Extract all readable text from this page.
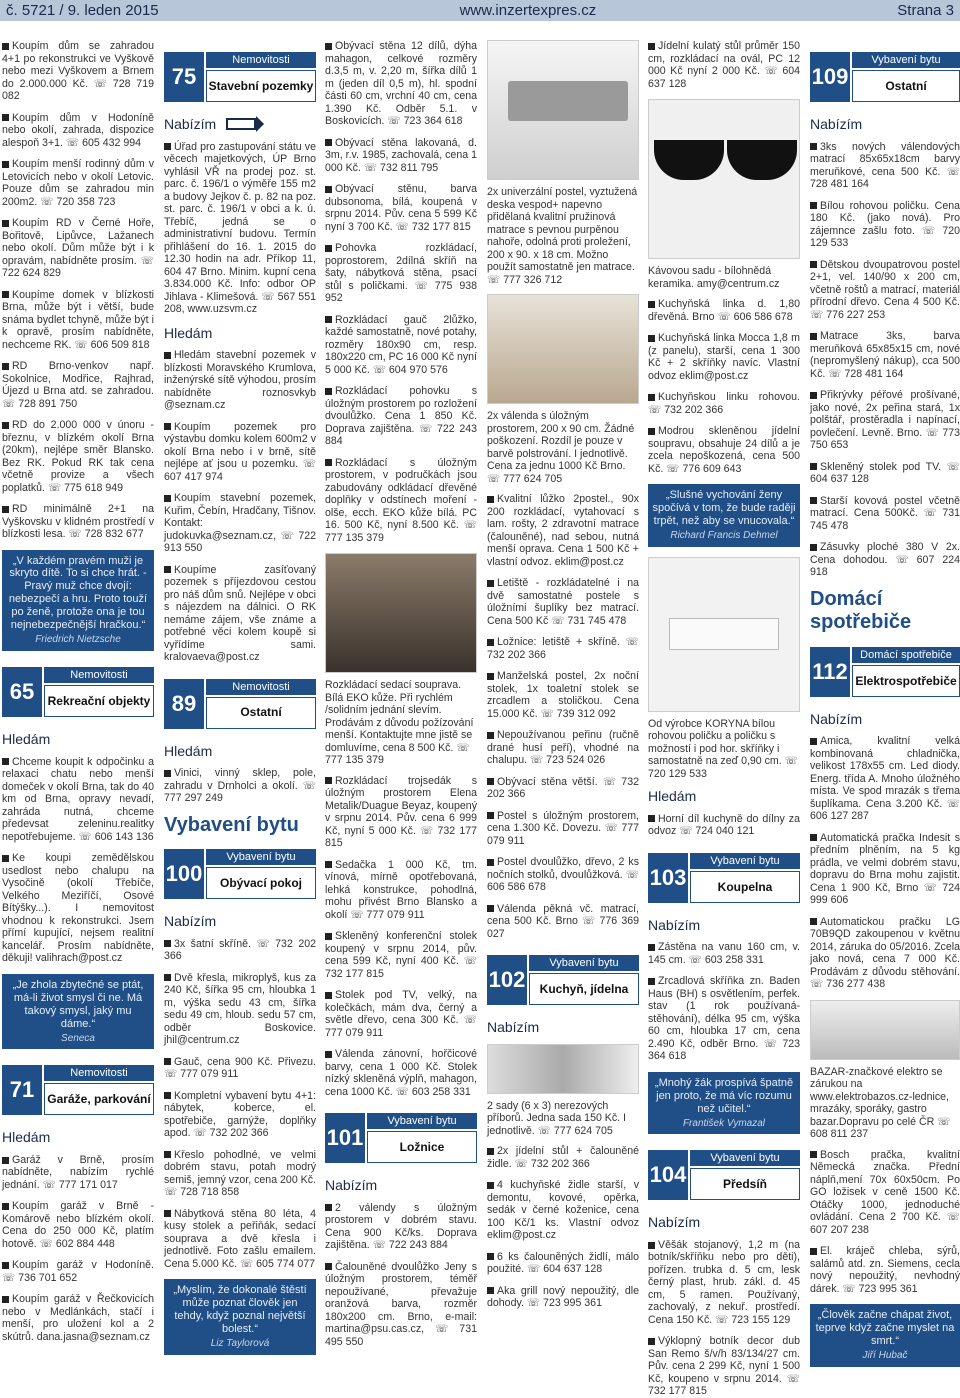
č. 5721 / 9. leden 2015	www.inzertexpres.cz	Strana 3
Koupím dům se zahradou 4+1 po rekonstrukci ve Vyškově nebo mezi Vyškovem a Brnem do 2.000.000 Kč. ☏ 728 719 082
Koupím dům v Hodoníně nebo okolí, zahrada, dispozice alespoň 3+1. ☏ 605 432 994
Koupím menší rodinný dům v Letovicích nebo v okolí Letovic. Pouze dům se zahradou min 200m2. ☏ 720 358 723
Koupím RD v Černé Hoře, Bořitově, Lipůvce, Lažanech nebo okolí. Dům může být i k opravám, nabídněte prosím. ☏ 722 624 829
Koupíme domek v blízkosti Brna, může být i větší, bude snáma bydlet tchyně, může být i k opravě, prosím nabídněte, nechceme RK. ☏ 606 509 818
RD Brno-venkov např. Sokolnice, Modřice, Rajhrad, Újezd u Brna atd. se zahradou. ☏ 728 891 750
RD do 2.000 000 v únoru - březnu, v blízkém okolí Brna (20km), nejlépe směr Blansko. Bez RK. Pokud RK tak cena včetně provize a všech poplatků. ☏ 775 618 949
RD minimálně 2+1 na Vyškovsku v klidném prostředí v blízkosti lesa. ☏ 728 832 677
„V každém pravém muži je skryto dítě. To si chce hrát. - Pravý muž chce dvojí: nebezpečí a hru. Proto touží po ženě, protože ona je tou nejnebezpečnější hračkou.“
Friedrich Nietzsche
65
Nemovitosti
Rekreační objekty
Hledám
Chceme koupit k odpočinku a relaxaci chatu nebo menší domeček v okolí Brna, tak do 40 km od Brna, opravy nevadí, zahráda nutná, chceme předevsat zeleninu.realitky nepotřebujeme. ☏ 606 143 136
Ke koupi zemědělskou usedlost nebo chalupu na Vysočině (okolí Třebíče, Velkého Meziříčí, Osové Bítýšky...). I nemovitost vhodnou k rekonstrukci. Jsem přímí kupující, nejsem realitní kancelář. Prosím nabídněte, děkuji! valihrach@post.cz
„Je zhola zbytečné se ptát, má-li život smysl či ne. Má takový smysl, jaký mu dáme.“
Seneca
71
Nemovitosti
Garáže, parkování
Hledám
Garáž v Brně, prosím nabídněte, nabízím rychlé jednání. ☏ 777 171 017
Koupím garáž v Brně - Komárově nebo blízkém okolí. Cena do 250 000 Kč, platím hotově. ☏ 602 884 448
Koupím garáž v Hodoníně. ☏ 736 701 652
Koupím garáž v Řečkovicích nebo v Medlánkách, stačí i menší, pro uložení kol a 2 skútrů. dana.jasna@seznam.cz
75
Nemovitosti
Stavební pozemky
Nabízím
Úřad pro zastupování státu ve věcech majetkových, ÚP Brno vyhlásil VŘ na prodej poz. st. parc. č. 196/1 o výměře 155 m2 a budovy Jejkov č. p. 82 na poz. st. parc. č. 196/1 v obci a k. ú. Třebíč, jedná se o administrativní budovu. Termín přihlášení do 16. 1. 2015 do 12.30 hodin na adr. Příkop 11, 604 47 Brno. Minim. kupní cena 3.834.000 Kč. Info: odbor OP Jihlava - Klimešová. ☏ 567 551 208, www.uzsvm.cz
Hledám
Hledám stavební pozemek v blízkosti Moravského Krumlova, inženýrské sítě výhodou, prosím nabídněte roznosvkyb @seznam.cz
Koupím pozemek pro výstavbu domku kolem 600m2 v okolí Brna nebo i v brně, sítě nejlépe ať jsou u pozemku. ☏ 607 417 974
Koupím stavební pozemek, Kuřim, Čebín, Hradčany, Tišnov. Kontakt: judokuvka@seznam.cz, ☏ 722 913 550
Koupíme zasíťovaný pozemek s příjezdovou cestou pro náš dům snů. Nejlépe v obci s nájezdem na dálnici. O RK nemáme zájem, vše známe a potřebné věci kolem koupě si vyřídíme sami. kralovaeva@post.cz
89
Nemovitosti
Ostatní
Hledám
Vinici, vinný sklep, pole, zahradu v Drnholci a okolí. ☏ 777 297 249
Vybavení bytu
100
Vybavení bytu
Obývací pokoj
Nabízím
3x šatní skříně. ☏ 732 202 366
Dvě křesla, mikroplyš, kus za 240 Kč, šířka 95 cm, hloubka 1 m, výška sedu 43 cm, šířka sedu 49 cm, hloub. sedu 57 cm, odběr Boskovice. jhil@centrum.cz
Gauč, cena 900 Kč. Přivezu. ☏ 777 079 911
Kompletní vybavení bytu 4+1: nábytek, koberce, el. spotřebiče, garnýže, doplňky apod. ☏ 732 202 366
Křeslo pohodlné, ve velmi dobrém stavu, potah modrý semiš, jemný vzor, cena 200 Kč. ☏ 728 718 858
Nábytková stěna 80 léta, 4 kusy stolek a peřiňák, sedací souprava a dvě křesla i jednotlivě. Foto zašlu emailem. Cena 5.000 Kč. ☏ 605 774 077
„Myslím, že dokonalé štěstí může poznat člověk jen tehdy, když poznal největší bolest.“
Liz Taylorová
Obývací stěna 12 dílů, dýha mahagon, celkové rozměry d.3,5 m, v. 2,20 m, šířka dílů 1 m (jeden díl 0,5 m), hl. spodní části 60 cm, vrchní 40 cm, cena 1.390 Kč. Odběr 5.1. v Boskovicích. ☏ 723 364 618
Obývací stěna lakovaná, d. 3m, r.v. 1985, zachovalá, cena 1 000 Kč. ☏ 732 811 795
Obývací stěnu, barva dubsonoma, bílá, koupená v srpnu 2014. Pův. cena 5 599 Kč nyní 3 700 Kč. ☏ 732 177 815
Pohovka rozkládací, poprostorem, 2dílná skříň na šaty, nábytková stěna, psací stůl s poličkami. ☏ 775 938 952
Rozkládací gauč 2lůžko, každé samostatně, nové potahy, rozměry 180x90 cm, resp. 180x220 cm, PC 16 000 Kč nyní 5 000 Kč. ☏ 604 970 576
Rozkládací pohovku s úložným prostorem po rozložení dvoulůžko. Cena 1 850 Kč. Doprava zajištěna. ☏ 722 243 884
Rozkládací s úložným prostorem, v područkách jsou zabudovány odkládací dřevěné doplňky v odstínech moření - olše, ecch. EKO kůže bílá. PC 16. 500 Kč, nyní 8.500 Kč. ☏ 777 135 379
Rozkládací sedací souprava. Bílá EKO kůže. Při rychlém /solidním jednání slevím. Prodávám z důvodu požízování menší. Kontaktujte mne jistě se domluvíme, cena 8 500 Kč. ☏ 777 135 379
Rozkládací trojsedák s úložným prostorem Elena Metalik/Duague Beyaz, koupený v srpnu 2014. Pův. cena 6 999 Kč, nyní 5 000 Kč. ☏ 732 177 815
Sedačka 1 000 Kč, tm. vínová, mírně opotřebovaná, lehká konstrukce, pohodlná, mohu přivést Brno Blansko a okolí ☏ 777 079 911
Skleněný konferenční stolek koupený v srpnu 2014, pův. cena 599 Kč, nyní 400 Kč. ☏ 732 177 815
Stolek pod TV, velký, na kolečkách, mám dva, černý a světle dřevo, cena 300 Kč. ☏ 777 079 911
Válenda zánovní, hořčicové barvy, cena 1 000 Kč. Stolek nízký skleněná výplň, mahagon, cena 1000 Kč. ☏ 603 258 331
101
Vybavení bytu
Ložnice
Nabízím
2 válendy s úložným prostorem v dobrém stavu. Cena 900 Kč/ks. Doprava zajištěna. ☏ 722 243 884
Čalouněné dvoulůžko Jeny s úložným prostorem, téměř nepoužívané, převažuje oranžová barva, rozměr 180x200 cm. Brno, e-mail: martina@psu.cas.cz, ☏ 731 495 550
2x univerzální postel, vyztužená deska vespod+ napevno přidělaná kvalitní pružinová matrace s pevnou purpěnou nahoře, odolná proti proležení, 200 x 90. x 18 cm. Možno použít samostatně jen matrace. ☏ 777 326 712
2x válenda s úložným prostorem, 200 x 90 cm. Žádné poškození. Rozdíl je pouze v barvě polstrování. I jednotlivě. Cena za jednu 1000 Kč Brno. ☏ 777 624 705
Kvalitní lůžko 2postel., 90x 200 rozkládací, vytahovací s lam. rošty, 2 zdravotní matrace (čalouněné), nad sebou, nutná menší oprava. Cena 1 500 Kč + vlastní odvoz. eklim@post.cz
Letiště - rozkládatelné i na dvě samostatné postele s úložními šuplíky bez matrací. Cena 500 Kč ☏ 731 745 478
Ložnice: letiště + skříně. ☏ 732 202 366
Manželská postel, 2x noční stolek, 1x toaletní stolek se zrcadlem a stoličkou. Cena 15.000 Kč. ☏ 739 312 092
Nepoužívanou peřinu (ručně drané husí peří), vhodné na chalupu. ☏ 723 524 026
Obývací stěna větší. ☏ 732 202 366
Postel s úložným prostorem, cena 1.300 Kč. Dovezu. ☏ 777 079 911
Postel dvoulůžko, dřevo, 2 ks nočních stolků, dvoulůžková. ☏ 606 586 678
Válenda pěkná vč. matrací, cena 500 Kč. Brno ☏ 776 369 027
102
Vybavení bytu
Kuchyň, jídelna
Nabízím
2 sady (6 x 3) nerezových příborů. Jedna sada 150 Kč. I jednotlivě. ☏ 777 624 705
2x jídelní stůl + čalouněné židle. ☏ 732 202 366
4 kuchyňské židle starší, v demontu, kovové, opěrka, sedák v černé koženice, cena 100 Kč/1 ks. Vlastní odvoz eklim@post.cz
6 ks čalouněných židlí, málo použité. ☏ 604 637 128
Aka grill nový nepoužitý, dle dohody. ☏ 723 995 361
Jídelní kulatý stůl průměr 150 cm, rozkládací na ovál, PC 12 000 Kč nyní 2 000 Kč. ☏ 604 637 128
Kávovou sadu - bílohnědá keramika. amy@centrum.cz
Kuchyňská linka d. 1,80 dřevěná. Brno ☏ 606 586 678
Kuchyňská linka Mocca 1,8 m (z panelu), starší, cena 1 300 Kč + 2 skříňky navíc. Vlastní odvoz eklim@post.cz
Kuchyňskou linku rohovou. ☏ 732 202 366
Modrou skleněnou jídelní soupravu, obsahuje 24 dílů a je zcela nepoškozená, cena 500 Kč. ☏ 776 609 643
„Slušné vychování ženy spočívá v tom, že bude raději trpět, než aby se vnucovala.“
Richard Francis Dehmel
Od výrobce KORYNA bílou rohovou poličku a poličku s možností i pod hor. skříňky i samostatně na zeď 0,90 cm. ☏ 720 129 533
Hledám
Horní díl kuchyně do dílny za odvoz ☏ 724 040 121
103
Vybavení bytu
Koupelna
Nabízím
Zástěna na vanu 160 cm, v. 145 cm. ☏ 603 258 331
Zrcadlová skříňka zn. Baden Haus (BH) s osvětlením, perfek. stav (1 rok používaná-stěhování), délka 95 cm, výška 60 cm, hloubka 17 cm, cena 2.490 Kč, odběr Brno. ☏ 723 364 618
„Mnohý žák prospívá špatně jen proto, že má víc rozumu než učitel.“
František Vymazal
104
Vybavení bytu
Předsíň
Nabízím
Věšák stojanový, 1,2 m (na botník/skříňku nebo pro děti), pořízen. trubka d. 5 cm, lesk černý plast, hrub. zákl. d. 45 cm, 5 ramen. Používaný, zachovalý, z nekuř. prostředí. Cena 150 Kč. ☏ 723 155 129
Výklopný botník decor dub San Remo š/v/h 83/134/27 cm. Pův. cena 2 299 Kč, nyní 1 500 Kč, koupeno v srpnu 2014. ☏ 732 177 815
109
Vybavení bytu
Ostatní
Nabízím
3ks nových válendových matrací 85x65x18cm barvy meruňkové, cena 500 Kč. ☏ 728 481 164
Bílou rohovou poličku. Cena 180 Kč. (jako nová). Pro zájemnce zašlu foto. ☏ 720 129 533
Dětskou dvoupatrovou postel 2+1, vel. 140/90 x 200 cm, včetně roštů a matrací, materiál přírodní dřevo. Cena 4 500 Kč. ☏ 776 227 253
Matrace 3ks, barva meruňková 65x85x15 cm, nové (nepromyšlený nákup), cca 500 Kč. ☏ 728 481 164
Přikrývky péřové prošívané, jako nové, 2x peřina stará, 1x polštář, prostěradla i napínací, povlečení. Levně. Brno. ☏ 773 750 653
Skleněný stolek pod TV. ☏ 604 637 128
Starší kovová postel včetně matrací. Cena 500Kč. ☏ 731 745 478
Zásuvky ploché 380 V 2x. Cena dohodou. ☏ 607 224 918
Domácí spotřebiče
112
Domácí spotřebiče
Elektrospotřebiče
Nabízím
Amica, kvalitní velká kombinovaná chladnička, velikost 178x55 cm. Led diody. Energ. třída A. Mnoho úložného místa. Ve spod mrazák s třema šuplíkama. Cena 3.200 Kč. ☏ 606 127 287
Automatická pračka Indesit s předním plněním, na 5 kg prádla, ve velmi dobrém stavu, dopravu do Brna mohu zajistit. Cena 1 900 Kč, Brno ☏ 724 999 606
Automatickou pračku LG 70B9QD zakoupenou v květnu 2014, záruka do 05/2016. Zcela jako nová, cena 7 000 Kč. Prodávám z důvodu stěhování. ☏ 736 277 438
BAZAR-značkové elektro se zárukou na www.elektrobazos.cz-lednice, mrazáky, sporáky, gastro bazar.Dopravu po celé ČR ☏ 608 811 237
Bosch pračka, kvalitní Německá značka. Přední náplň,mení 70x 60x50cm. Po GO ložisek v ceně 1500 Kč. Otáčky 1000, jednoduché ovládání. Cena 2 700 Kč. ☏ 607 207 238
El. kráječ chleba, sýrů, salámů atd. zn. Siemens, cecla nový nepoužitý, nevhodný dárek. ☏ 723 995 361
„Člověk začne chápat život, teprve když začne myslet na smrt.“
Jiří Hubač
